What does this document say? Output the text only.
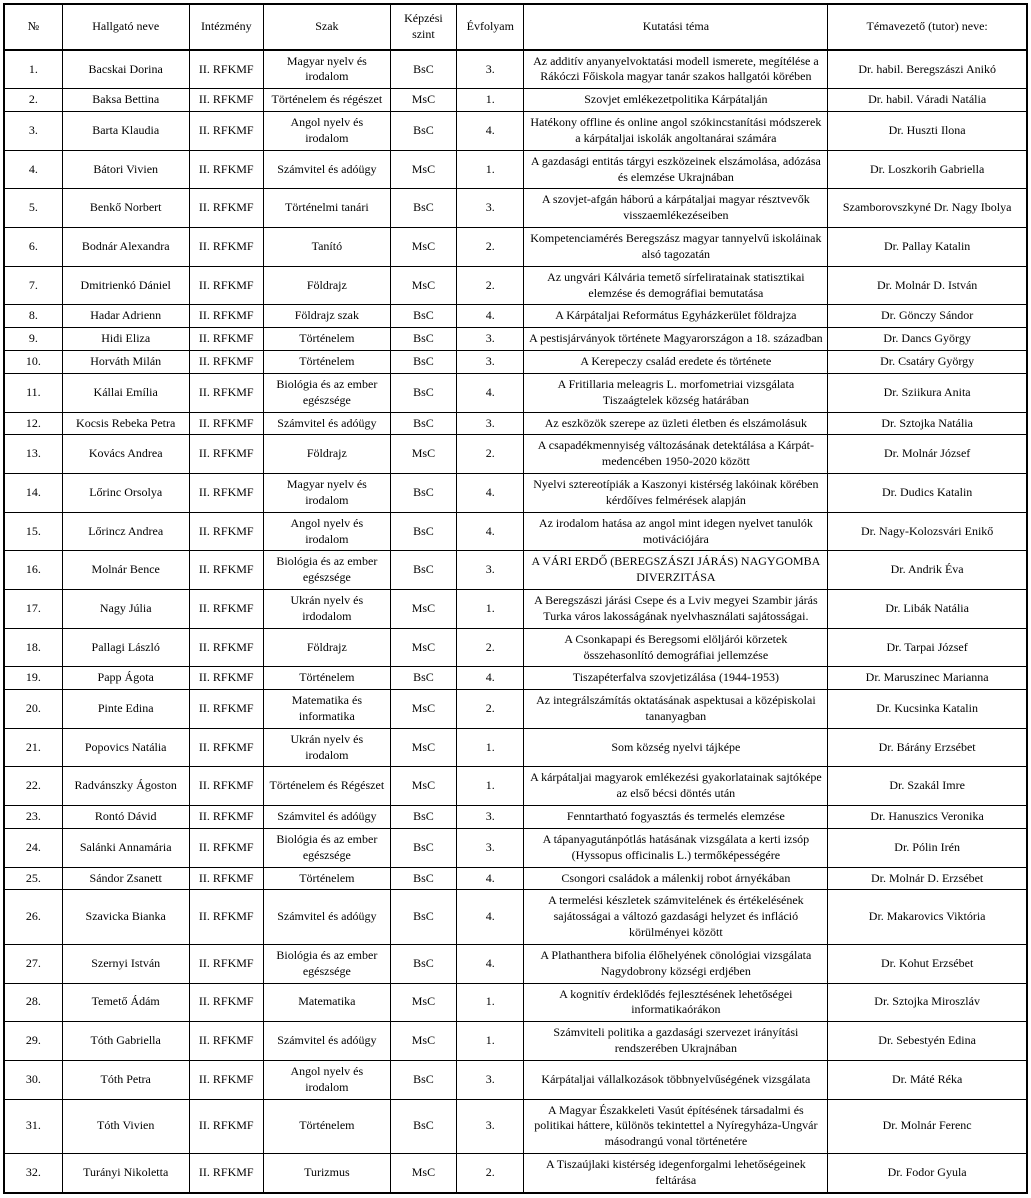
№	Hallgató neve	Intézmény	Szak	Képzési szint	Évfolyam	Kutatási téma	Témavezető (tutor) neve:
1.	Bacskai Dorina	II. RFKMF	Magyar nyelv és irodalom	BsC	3.	Az additív anyanyelvoktatási modell ismerete, megítélése a Rákóczi Főiskola magyar tanár szakos hallgatói körében	Dr. habil. Beregszászi Anikó
2.	Baksa Bettina	II. RFKMF	Történelem és régészet	MsC	1.	Szovjet emlékezetpolitika Kárpátalján	Dr. habil. Váradi Natália
3.	Barta Klaudia	II. RFKMF	Angol nyelv és irodalom	BsC	4.	Hatékony offline és online angol szókincstanítási módszerek a kárpátaljai iskolák angoltanárai számára	Dr. Huszti Ilona
4.	Bátori Vivien	II. RFKMF	Számvitel és adóügy	MsC	1.	A gazdasági entitás tárgyi eszközeinek elszámolása, adózása és elemzése Ukrajnában	Dr. Loszkorih Gabriella
5.	Benkő Norbert	II. RFKMF	Történelmi tanári	BsC	3.	A szovjet-afgán háború a kárpátaljai magyar résztvevők visszaemlékezéseiben	Szamborovszkyné Dr. Nagy Ibolya
6.	Bodnár Alexandra	II. RFKMF	Tanító	MsC	2.	Kompetenciamérés Beregszász magyar tannyelvű iskoláinak alsó tagozatán	Dr. Pallay Katalin
7.	Dmitrienkó Dániel	II. RFKMF	Földrajz	MsC	2.	Az ungvári Kálvária temető sírfeliratainak statisztikai elemzése és demográfiai bemutatása	Dr. Molnár D. István
8.	Hadar Adrienn	II. RFKMF	Földrajz szak	BsC	4.	A Kárpátaljai Református Egyházkerület földrajza	Dr. Gönczy Sándor
9.	Hidi Eliza	II. RFKMF	Történelem	BsC	3.	A pestisjárványok története Magyarországon a 18. században	Dr. Dancs György
10.	Horváth Milán	II. RFKMF	Történelem	BsC	3.	A Kerepeczy család eredete és története	Dr. Csatáry György
11.	Kállai Emília	II. RFKMF	Biológia és az ember egészsége	BsC	4.	A Fritillaria meleagris L. morfometriai vizsgálata Tiszaágtelek község határában	Dr. Sziikura Anita
12.	Kocsis Rebeka Petra	II. RFKMF	Számvitel és adóügy	BsC	3.	Az eszközök szerepe az üzleti életben és elszámolásuk	Dr. Sztojka Natália
13.	Kovács Andrea	II. RFKMF	Földrajz	MsC	2.	A csapadékmennyiség változásának detektálása a Kárpát-medencében 1950-2020 között	Dr. Molnár József
14.	Lőrinc Orsolya	II. RFKMF	Magyar nyelv és irodalom	BsC	4.	Nyelvi sztereotípiák a Kaszonyi kistérség lakóinak körében kérdőíves felmérések alapján	Dr. Dudics Katalin
15.	Lőrincz Andrea	II. RFKMF	Angol nyelv és irodalom	BsC	4.	Az irodalom hatása az angol mint idegen nyelvet tanulók motivációjára	Dr. Nagy-Kolozsvári Enikő
16.	Molnár Bence	II. RFKMF	Biológia és az ember egészsége	BsC	3.	A VÁRI ERDŐ (BEREGSZÁSZI JÁRÁS) NAGYGOMBA DIVERZITÁSA	Dr. Andrik Éva
17.	Nagy Júlia	II. RFKMF	Ukrán nyelv és irdodalom	MsC	1.	A Beregszászi járási Csepe és a Lviv megyei Szambir járás Turka város lakosságának nyelvhasználati sajátosságai.	Dr. Libák Natália
18.	Pallagi László	II. RFKMF	Földrajz	MsC	2.	A Csonkapapi és Beregsomi elöljárói körzetek összehasonlító demográfiai jellemzése	Dr. Tarpai József
19.	Papp Ágota	II. RFKMF	Történelem	BsC	4.	Tiszapéterfalva szovjetizálása (1944-1953)	Dr. Maruszinec Marianna
20.	Pinte Edina	II. RFKMF	Matematika és informatika	MsC	2.	Az integrálszámítás oktatásának aspektusai a középiskolai tananyagban	Dr. Kucsinka Katalin
21.	Popovics Natália	II. RFKMF	Ukrán nyelv és irodalom	MsC	1.	Som község nyelvi tájképe	Dr. Bárány Erzsébet
22.	Radvánszky Ágoston	II. RFKMF	Történelem és Régészet	MsC	1.	A kárpátaljai magyarok emlékezési gyakorlatainak sajtóképe az első bécsi döntés után	Dr. Szakál Imre
23.	Rontó Dávid	II. RFKMF	Számvitel és adóügy	BsC	3.	Fenntartható fogyasztás és termelés elemzése	Dr. Hanuszics Veronika
24.	Salánki Annamária	II. RFKMF	Biológia és az ember egészsége	BsC	3.	A tápanyagutánpótlás hatásának vizsgálata a kerti izsóp (Hyssopus officinalis L.) termőképességére	Dr. Pólin Irén
25.	Sándor Zsanett	II. RFKMF	Történelem	BsC	4.	Csongori családok a málenkij robot árnyékában	Dr. Molnár D. Erzsébet
26.	Szavicka Bianka	II. RFKMF	Számvitel és adóügy	BsC	4.	A termelési készletek számvitelének és értékelésének sajátosságai a változó gazdasági helyzet és infláció körülményei között	Dr. Makarovics Viktória
27.	Szernyi István	II. RFKMF	Biológia és az ember egészsége	BsC	4.	A Plathanthera bifolia élőhelyének cönológiai vizsgálata Nagydobrony községi erdjében	Dr. Kohut Erzsébet
28.	Temető Ádám	II. RFKMF	Matematika	MsC	1.	A kognitív érdeklődés fejlesztésének lehetőségei informatikaórákon	Dr. Sztojka Miroszláv
29.	Tóth Gabriella	II. RFKMF	Számvitel és adóügy	MsC	1.	Számviteli politika a gazdasági szervezet irányítási rendszerében Ukrajnában	Dr. Sebestyén Edina
30.	Tóth Petra	II. RFKMF	Angol nyelv és irodalom	BsC	3.	Kárpátaljai vállalkozások többnyelvűségének vizsgálata	Dr. Máté Réka
31.	Tóth Vivien	II. RFKMF	Történelem	BsC	3.	A Magyar Északkeleti Vasút építésének társadalmi és politikai háttere, különös tekintettel a Nyíregyháza-Ungvár másodrangú vonal történetére	Dr. Molnár Ferenc
32.	Turányi Nikoletta	II. RFKMF	Turizmus	MsC	2.	A Tiszaújlaki kistérség idegenforgalmi lehetőségeinek feltárása	Dr. Fodor Gyula
